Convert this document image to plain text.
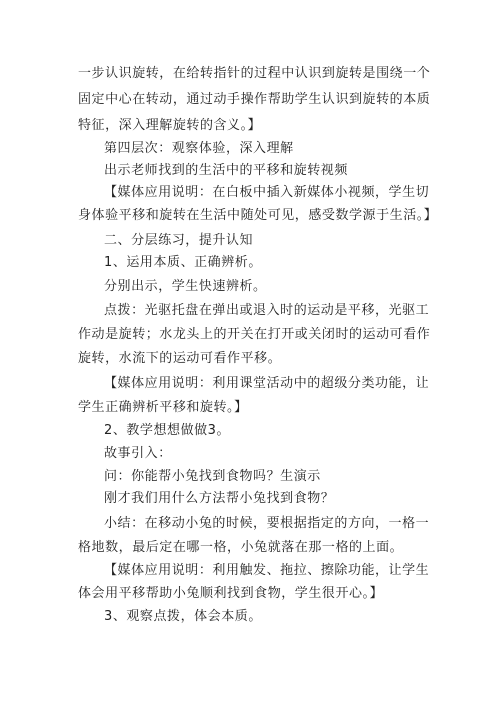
一步认识旋转，在给转指针的过程中认识到旋转是围绕一个
固定中心在转动，通过动手操作帮助学生认识到旋转的本质
特征，深入理解旋转的含义。】
第四层次：观察体验，深入理解
出示老师找到的生活中的平移和旋转视频
【媒体应用说明：在白板中插入新媒体小视频，学生切
身体验平移和旋转在生活中随处可见，感受数学源于生活。】
二、分层练习，提升认知
1、运用本质、正确辨析。
分别出示，学生快速辨析。
点拨：光驱托盘在弹出或退入时的运动是平移，光驱工
作动是旋转；水龙头上的开关在打开或关闭时的运动可看作
旋转，水流下的运动可看作平移。
【媒体应用说明：利用课堂活动中的超级分类功能，让
学生正确辨析平移和旋转。】
2、教学想想做做3。
故事引入：
问：你能帮小兔找到食物吗？生演示
刚才我们用什么方法帮小兔找到食物？
小结：在移动小兔的时候，要根据指定的方向，一格一
格地数，最后定在哪一格，小兔就落在那一格的上面。
【媒体应用说明：利用触发、拖拉、擦除功能，让学生
体会用平移帮助小兔顺利找到食物，学生很开心。】
3、观察点拨，体会本质。
